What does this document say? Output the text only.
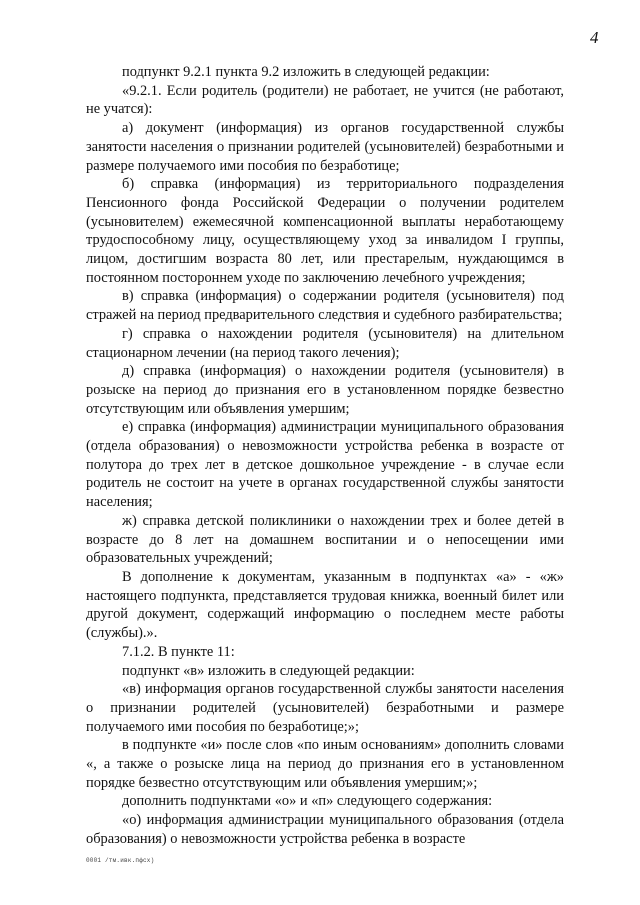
4

подпункт 9.2.1 пункта 9.2 изложить в следующей редакции:

«9.2.1. Если родитель (родители) не работает, не учится (не работают, не учатся):

а) документ (информация) из органов государственной службы занятости населения о признании родителей (усыновителей) безработными и размере получаемого ими пособия по безработице;

б) справка (информация) из территориального подразделения Пенсионного фонда Российской Федерации о получении родителем (усыновителем) ежемесячной компенсационной выплаты неработающему трудоспособному лицу, осуществляющему уход за инвалидом I группы, лицом, достигшим возраста 80 лет, или престарелым, нуждающимся в постоянном постороннем уходе по заключению лечебного учреждения;

в) справка (информация) о содержании родителя (усыновителя) под стражей на период предварительного следствия и судебного разбирательства;

г) справка о нахождении родителя (усыновителя) на длительном стационарном лечении (на период такого лечения);

д) справка (информация) о нахождении родителя (усыновителя) в розыске на период до признания его в установленном порядке безвестно отсутствующим или объявления умершим;

е) справка (информация) администрации муниципального образования (отдела образования) о невозможности устройства ребенка в возрасте от полутора до трех лет в детское дошкольное учреждение - в случае если родитель не состоит на учете в органах государственной службы занятости населения;

ж) справка детской поликлиники о нахождении трех и более детей в возрасте до 8 лет на домашнем воспитании и о непосещении ими образовательных учреждений;

В дополнение к документам, указанным в подпунктах «а» - «ж» настоящего подпункта, представляется трудовая книжка, военный билет или другой документ, содержащий информацию о последнем месте работы (службы).».

7.1.2. В пункте 11:

подпункт «в» изложить в следующей редакции:

«в) информация органов государственной службы занятости населения о признании родителей (усыновителей) безработными и размере получаемого ими пособия по безработице;»;

в подпункте «и» после слов «по иным основаниям» дополнить словами «, а также о розыске лица на период до признания его в установленном порядке безвестно отсутствующим или объявления умершим;»;

дополнить подпунктами «о» и «п» следующего содержания:

«о) информация администрации муниципального образования (отдела образования) о невозможности устройства ребенка в возрасте

0001 /тм.ивк.пфсх)
